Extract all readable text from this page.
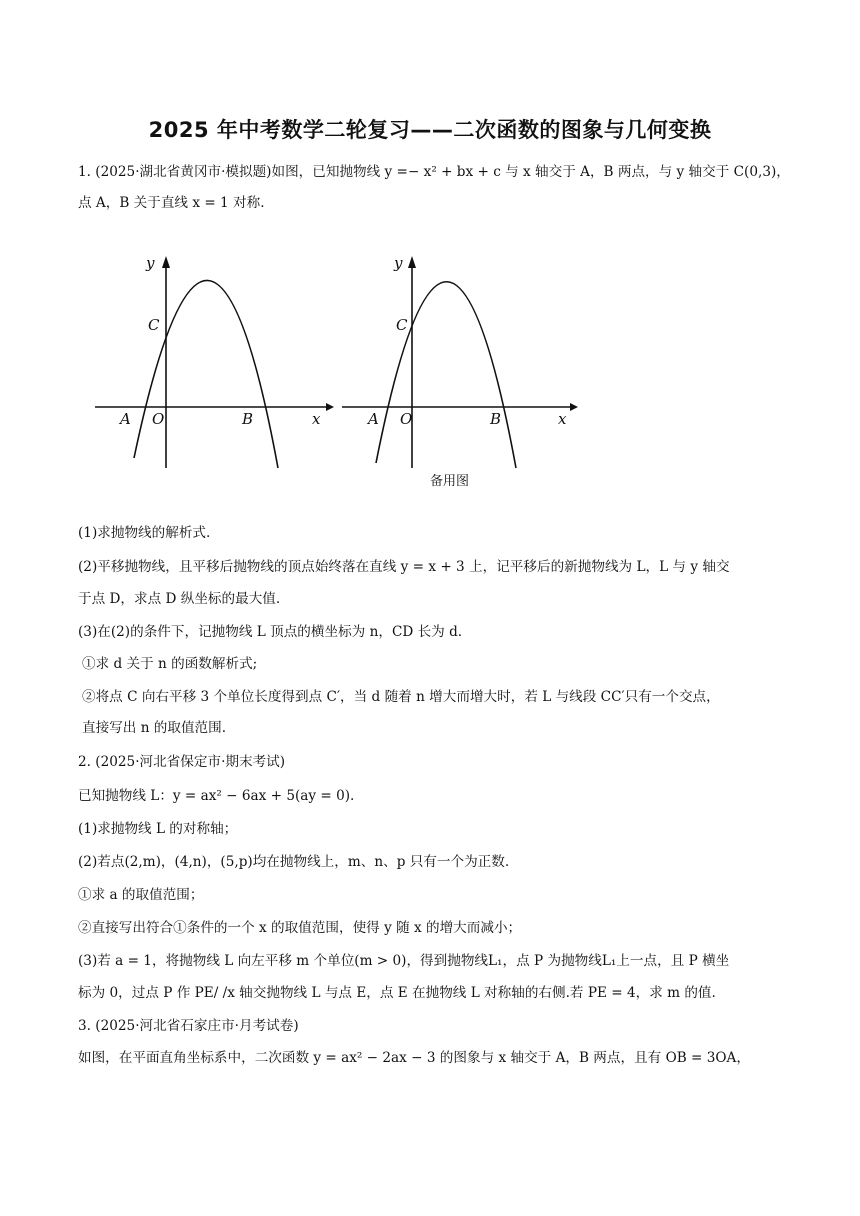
2025 年中考数学二轮复习——二次函数的图象与几何变换
1. (2025·湖北省黄冈市·模拟题)如图，已知抛物线 y =− x² + bx + c 与 x 轴交于 A，B 两点，与 y 轴交于 C(0,3)，
点 A，B 关于直线 x = 1 对称.
y
C
A O	B	x
y
C
A O	B	x
备用图
(1)求抛物线的解析式.
(2)平移抛物线，且平移后抛物线的顶点始终落在直线 y = x + 3 上，记平移后的新抛物线为 L，L 与 y 轴交
于点 D，求点 D 纵坐标的最大值.
(3)在(2)的条件下，记抛物线 L 顶点的横坐标为 n，CD 长为 d.
①求 d 关于 n 的函数解析式;
②将点 C 向右平移 3 个单位长度得到点 C′，当 d 随着 n 增大而增大时，若 L 与线段 CC′只有一个交点，
直接写出 n 的取值范围.
2. (2025·河北省保定市·期末考试)
已知抛物线 L：y = ax² − 6ax + 5(ay = 0).
(1)求抛物线 L 的对称轴；
(2)若点(2,m)，(4,n)，(5,p)均在抛物线上，m、n、p 只有一个为正数.
①求 a 的取值范围；
②直接写出符合①条件的一个 x 的取值范围，使得 y 随 x 的增大而减小；
(3)若 a = 1，将抛物线 L 向左平移 m 个单位(m > 0)，得到抛物线L₁，点 P 为抛物线L₁上一点，且 P 横坐
标为 0，过点 P 作 PE/ /x 轴交抛物线 L 与点 E，点 E 在抛物线 L 对称轴的右侧.若 PE = 4，求 m 的值.
3. (2025·河北省石家庄市·月考试卷)
如图，在平面直角坐标系中，二次函数 y = ax² − 2ax − 3 的图象与 x 轴交于 A，B 两点，且有 OB = 3OA，
